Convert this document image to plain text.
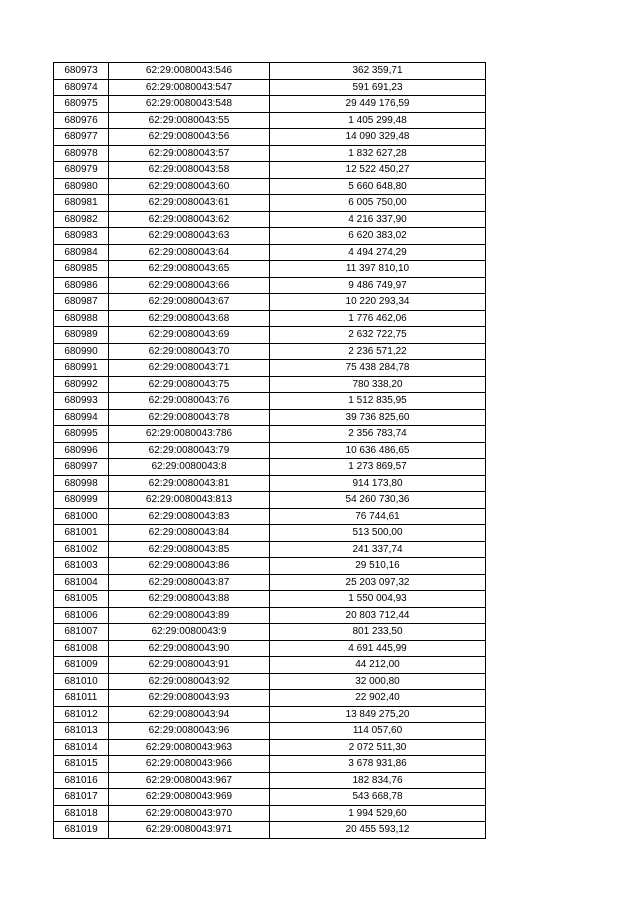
680973	62:29:0080043:546	362 359,71
680974	62:29:0080043:547	591 691,23
680975	62:29:0080043:548	29 449 176,59
680976	62:29:0080043:55	1 405 299,48
680977	62:29:0080043:56	14 090 329,48
680978	62:29:0080043:57	1 832 627,28
680979	62:29:0080043:58	12 522 450,27
680980	62:29:0080043:60	5 660 648,80
680981	62:29:0080043:61	6 005 750,00
680982	62:29:0080043:62	4 216 337,90
680983	62:29:0080043:63	6 620 383,02
680984	62:29:0080043:64	4 494 274,29
680985	62:29:0080043:65	11 397 810,10
680986	62:29:0080043:66	9 486 749,97
680987	62:29:0080043:67	10 220 293,34
680988	62:29:0080043:68	1 776 462,06
680989	62:29:0080043:69	2 632 722,75
680990	62:29:0080043:70	2 236 571,22
680991	62:29:0080043:71	75 438 284,78
680992	62:29:0080043:75	780 338,20
680993	62:29:0080043:76	1 512 835,95
680994	62:29:0080043:78	39 736 825,60
680995	62:29:0080043:786	2 356 783,74
680996	62:29:0080043:79	10 636 486,65
680997	62:29:0080043:8	1 273 869,57
680998	62:29:0080043:81	914 173,80
680999	62:29:0080043:813	54 260 730,36
681000	62:29:0080043:83	76 744,61
681001	62:29:0080043:84	513 500,00
681002	62:29:0080043:85	241 337,74
681003	62:29:0080043:86	29 510,16
681004	62:29:0080043:87	25 203 097,32
681005	62:29:0080043:88	1 550 004,93
681006	62:29:0080043:89	20 803 712,44
681007	62:29:0080043:9	801 233,50
681008	62:29:0080043:90	4 691 445,99
681009	62:29:0080043:91	44 212,00
681010	62:29:0080043:92	32 000,80
681011	62:29:0080043:93	22 902,40
681012	62:29:0080043:94	13 849 275,20
681013	62:29:0080043:96	114 057,60
681014	62:29:0080043:963	2 072 511,30
681015	62:29:0080043:966	3 678 931,86
681016	62:29:0080043:967	182 834,76
681017	62:29:0080043:969	543 668,78
681018	62:29:0080043:970	1 994 529,60
681019	62:29:0080043:971	20 455 593,12
